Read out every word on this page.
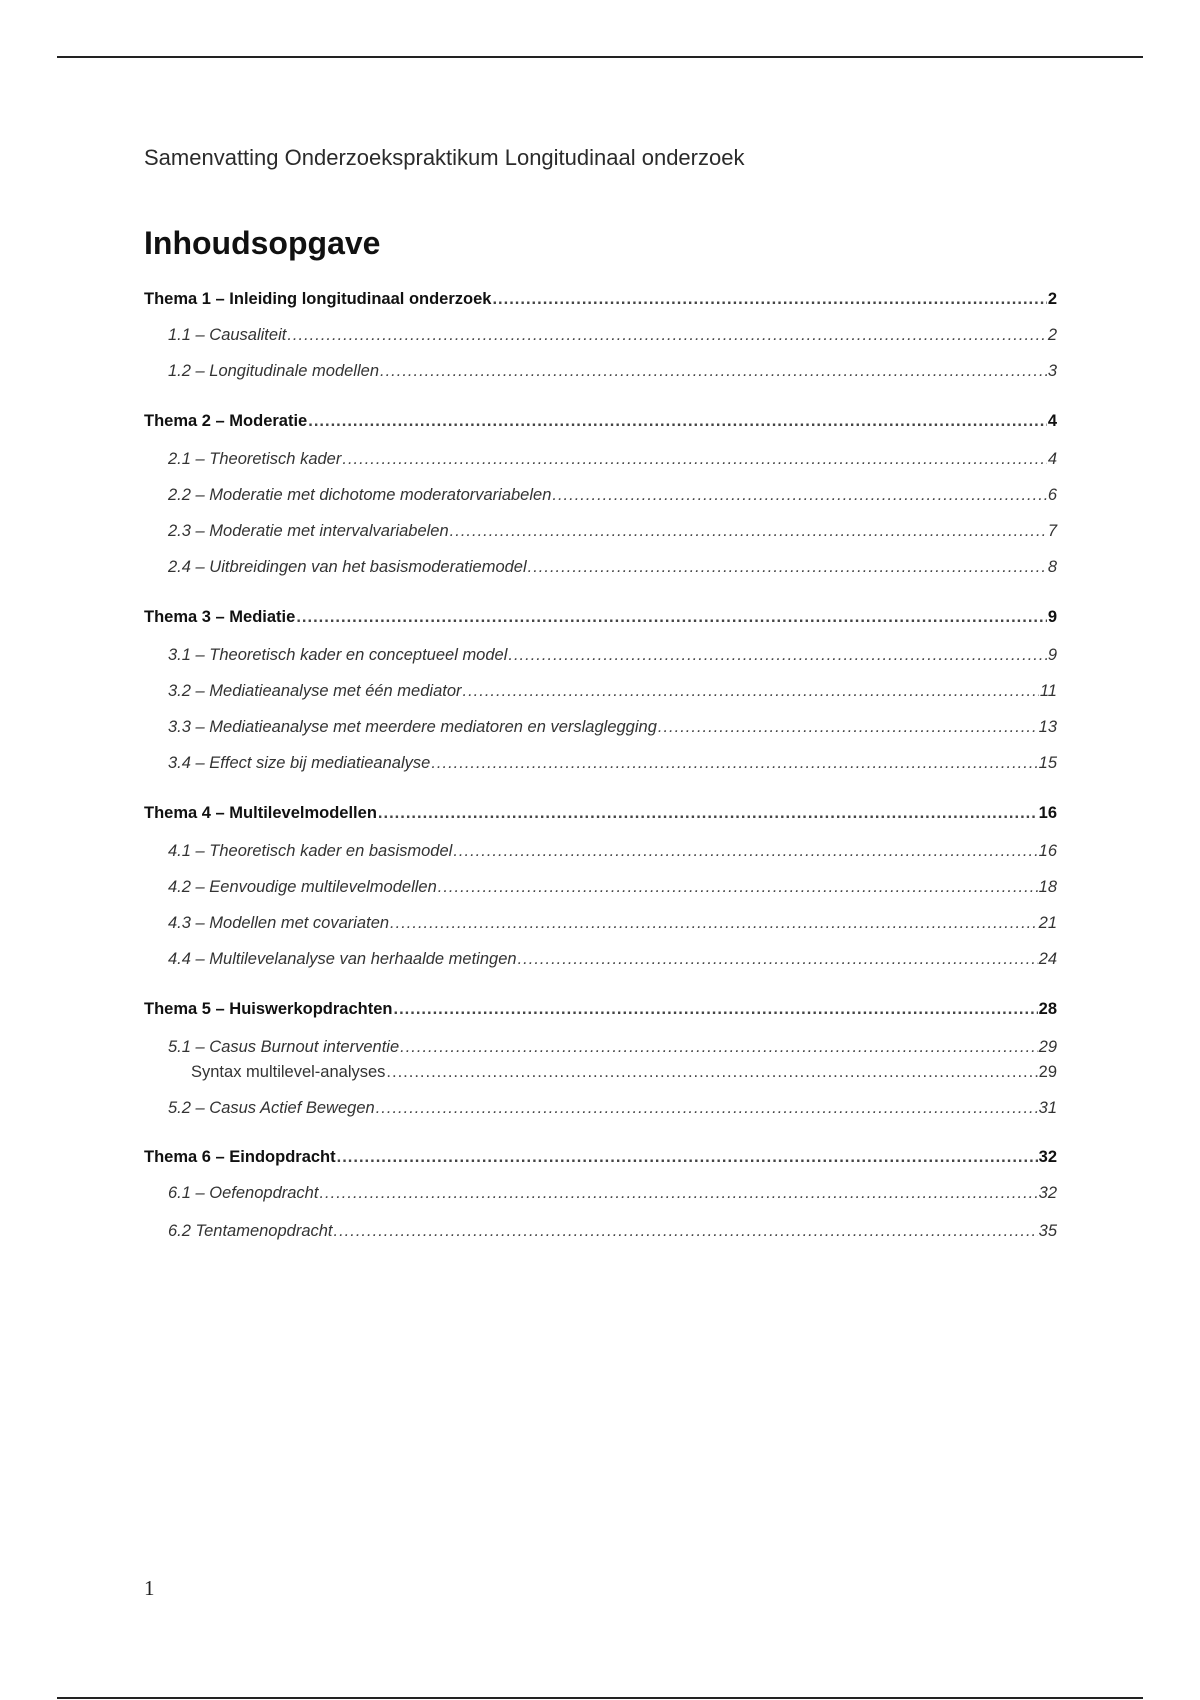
Samenvatting Onderzoekspraktikum Longitudinaal onderzoek
Inhoudsopgave
Thema 1 – Inleiding longitudinaal onderzoek .....	2
1.1 – Causaliteit .....	2
1.2 – Longitudinale modellen .....	3
Thema 2 – Moderatie .....	4
2.1 – Theoretisch kader .....	4
2.2 – Moderatie met dichotome moderatorvariabelen .....	6
2.3 – Moderatie met intervalvariabelen .....	7
2.4 – Uitbreidingen van het basismoderatiemodel .....	8
Thema 3 – Mediatie .....	9
3.1 – Theoretisch kader en conceptueel model .....	9
3.2 – Mediatieanalyse met één mediator .....	11
3.3 – Mediatieanalyse met meerdere mediatoren en verslaglegging .....	13
3.4 – Effect size bij mediatieanalyse .....	15
Thema 4 – Multilevelmodellen .....	16
4.1 – Theoretisch kader en basismodel .....	16
4.2 – Eenvoudige multilevelmodellen .....	18
4.3 – Modellen met covariaten .....	21
4.4 – Multilevelanalyse van herhaalde metingen .....	24
Thema 5 – Huiswerkopdrachten .....	28
5.1 – Casus Burnout interventie .....	29
Syntax multilevel-analyses .....	29
5.2 – Casus Actief Bewegen .....	31
Thema 6 – Eindopdracht .....	32
6.1 – Oefenopdracht .....	32
6.2 Tentamenopdracht .....	35
1
